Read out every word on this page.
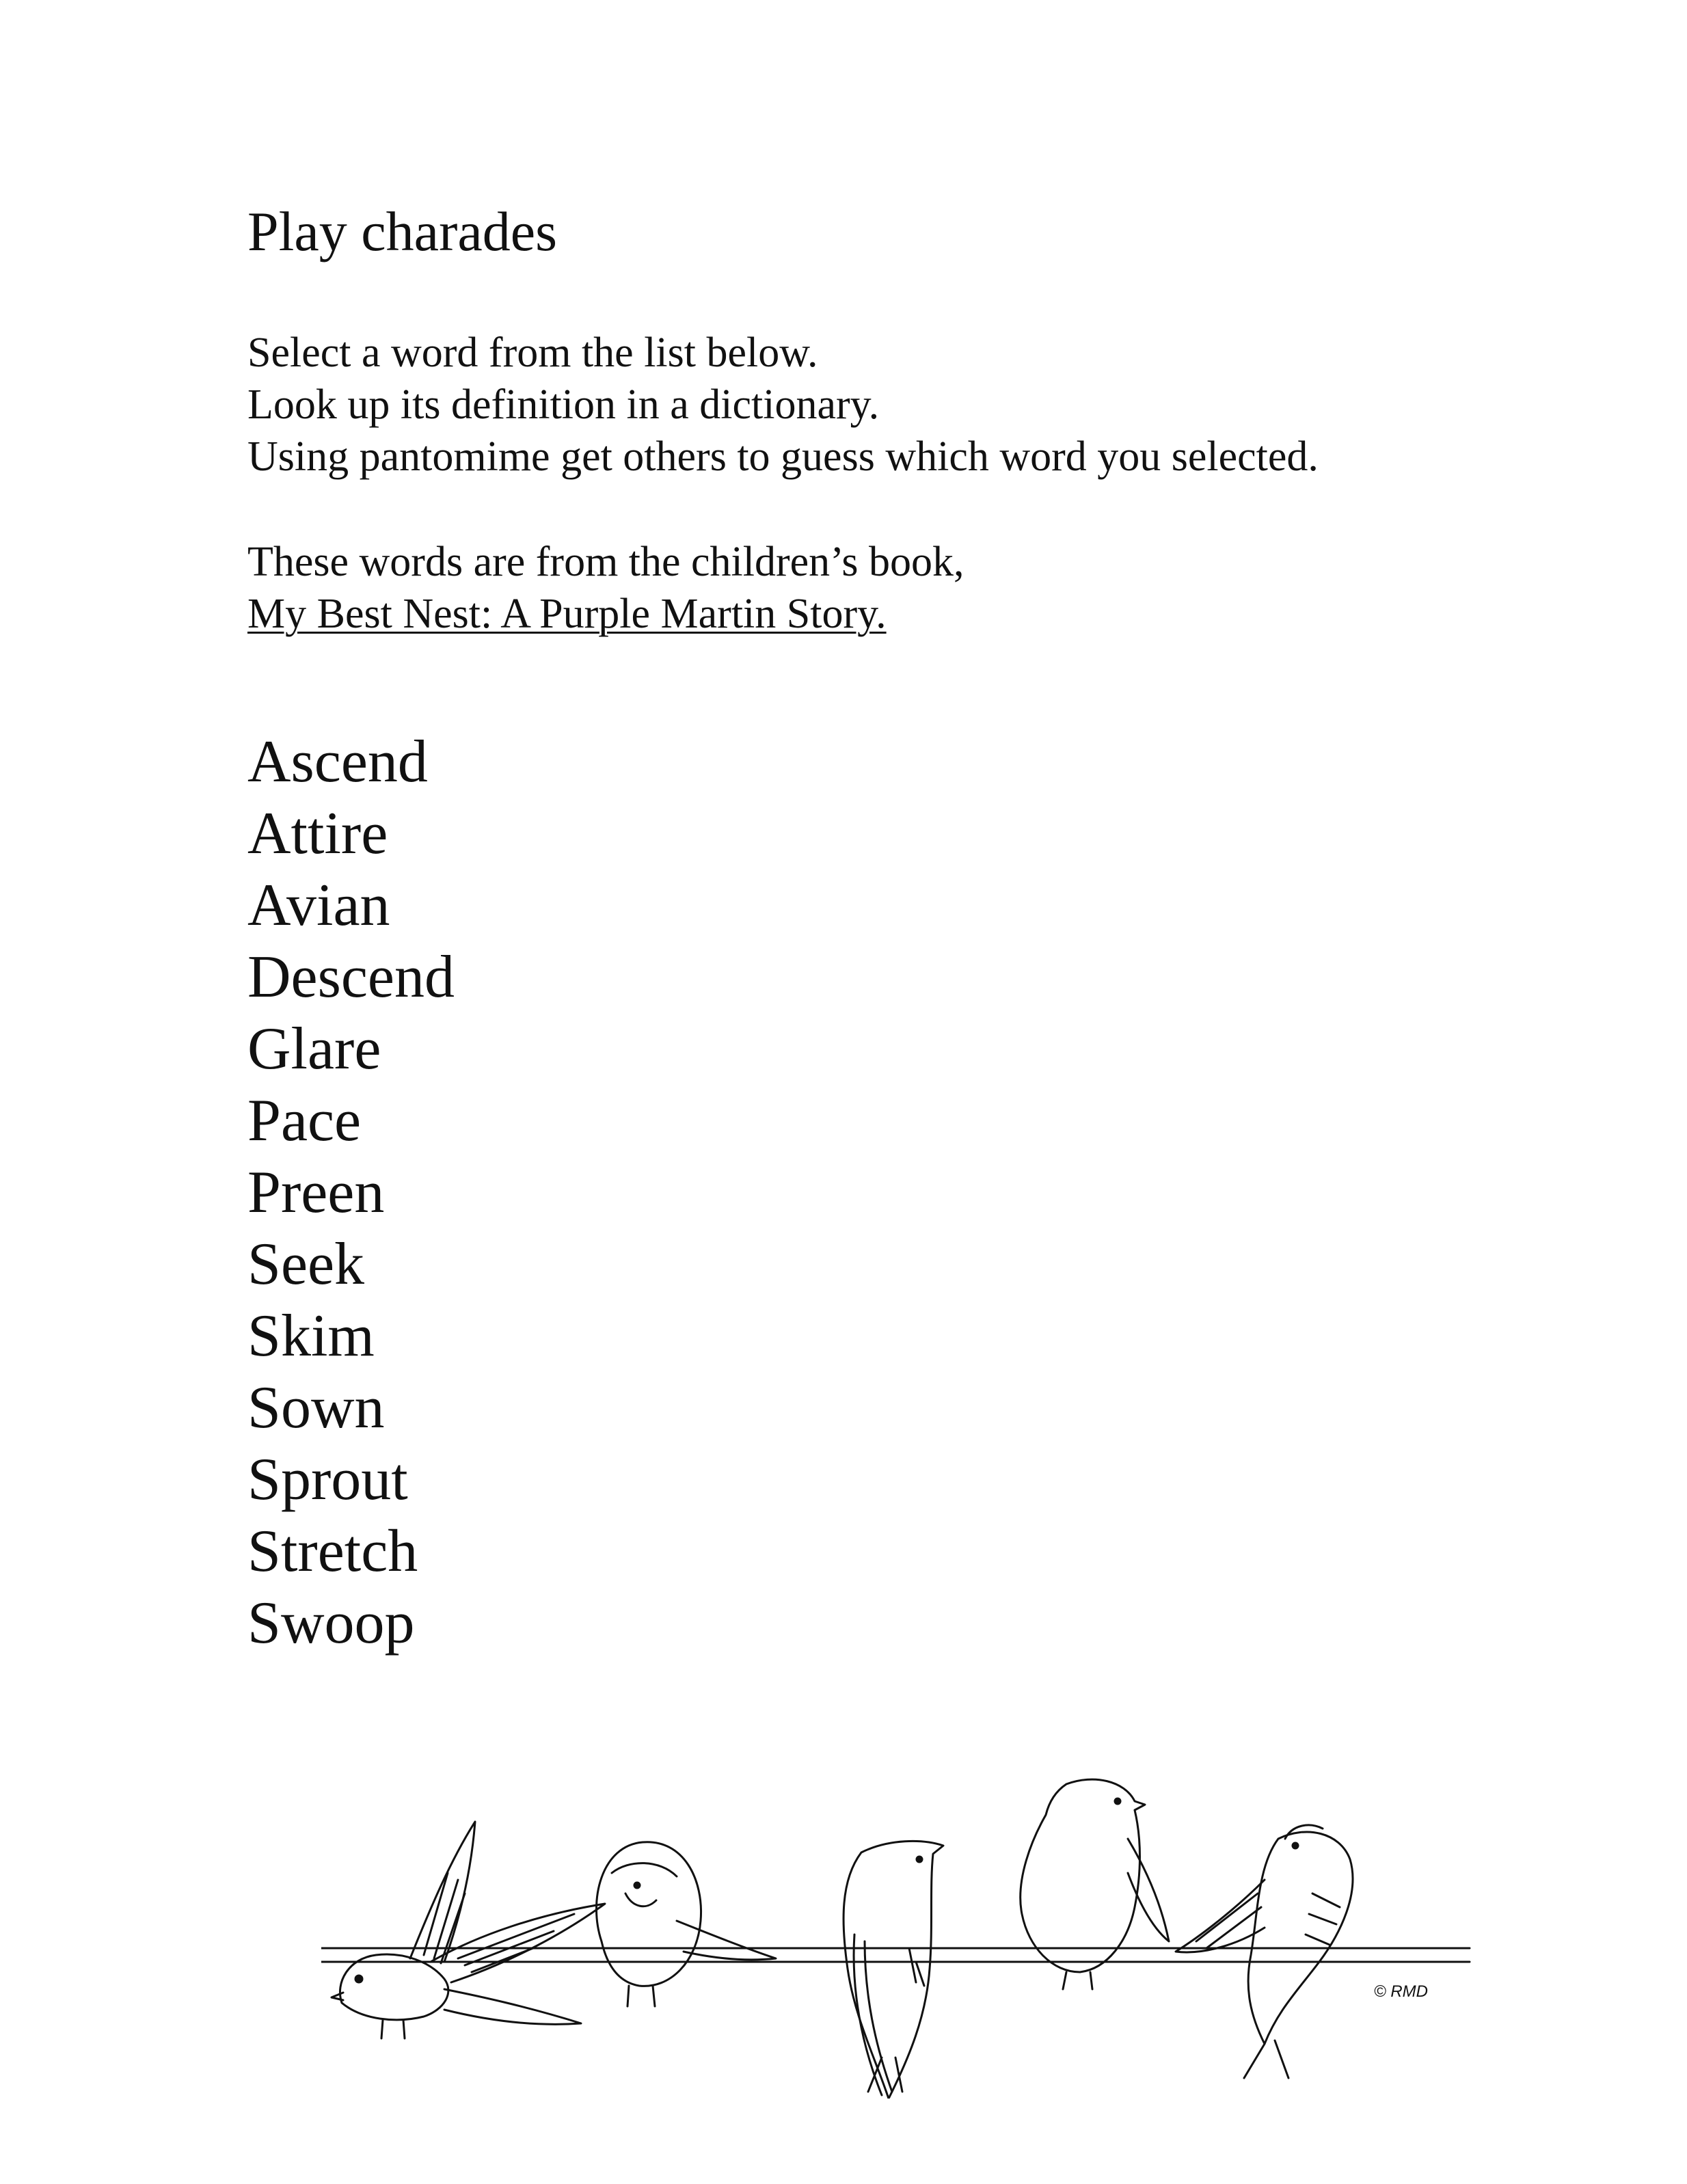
Play charades
Select a word from the list below.
Look up its definition in a dictionary.
Using pantomime get others to guess which word you selected.
These words are from the children’s book,
My Best Nest: A Purple Martin Story.
Ascend
Attire
Avian
Descend
Glare
Pace
Preen
Seek
Skim
Sown
Sprout
Stretch
Swoop
© RMD
